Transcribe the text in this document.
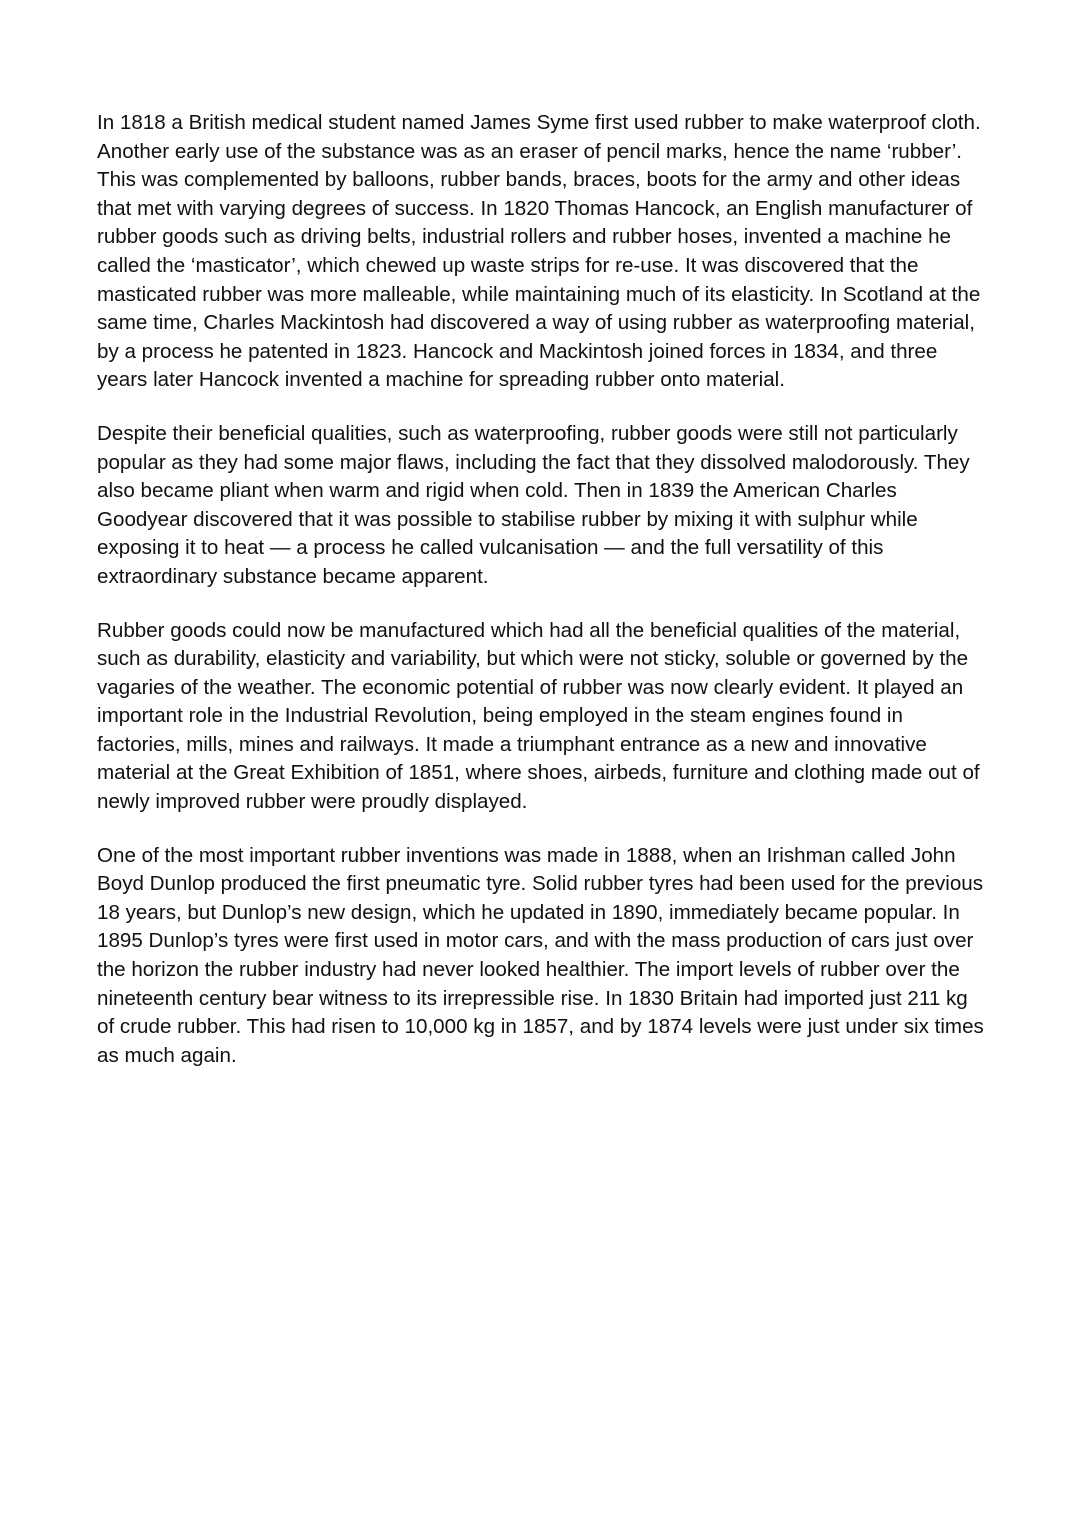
In 1818 a British medical student named James Syme first used rubber to make waterproof cloth. Another early use of the substance was as an eraser of pencil marks, hence the name ‘rubber’. This was complemented by balloons, rubber bands, braces, boots for the army and other ideas that met with varying degrees of success. In 1820 Thomas Hancock, an English manufacturer of rubber goods such as driving belts, industrial rollers and rubber hoses, invented a machine he called the ‘masticator’, which chewed up waste strips for re-use. It was discovered that the masticated rubber was more malleable, while maintaining much of its elasticity. In Scotland at the same time, Charles Mackintosh had discovered a way of using rubber as waterproofing material, by a process he patented in 1823. Hancock and Mackintosh joined forces in 1834, and three years later Hancock invented a machine for spreading rubber onto material.

Despite their beneficial qualities, such as waterproofing, rubber goods were still not particularly popular as they had some major flaws, including the fact that they dissolved malodorously. They also became pliant when warm and rigid when cold. Then in 1839 the American Charles Goodyear discovered that it was possible to stabilise rubber by mixing it with sulphur while exposing it to heat — a process he called vulcanisation — and the full versatility of this extraordinary substance became apparent.

Rubber goods could now be manufactured which had all the beneficial qualities of the material, such as durability, elasticity and variability, but which were not sticky, soluble or governed by the vagaries of the weather. The economic potential of rubber was now clearly evident. It played an important role in the Industrial Revolution, being employed in the steam engines found in factories, mills, mines and railways. It made a triumphant entrance as a new and innovative material at the Great Exhibition of 1851, where shoes, airbeds, furniture and clothing made out of newly improved rubber were proudly displayed.

One of the most important rubber inventions was made in 1888, when an Irishman called John Boyd Dunlop produced the first pneumatic tyre. Solid rubber tyres had been used for the previous 18 years, but Dunlop’s new design, which he updated in 1890, immediately became popular. In 1895 Dunlop’s tyres were first used in motor cars, and with the mass production of cars just over the horizon the rubber industry had never looked healthier. The import levels of rubber over the nineteenth century bear witness to its irrepressible rise. In 1830 Britain had imported just 211 kg of crude rubber. This had risen to 10,000 kg in 1857, and by 1874 levels were just under six times as much again.
